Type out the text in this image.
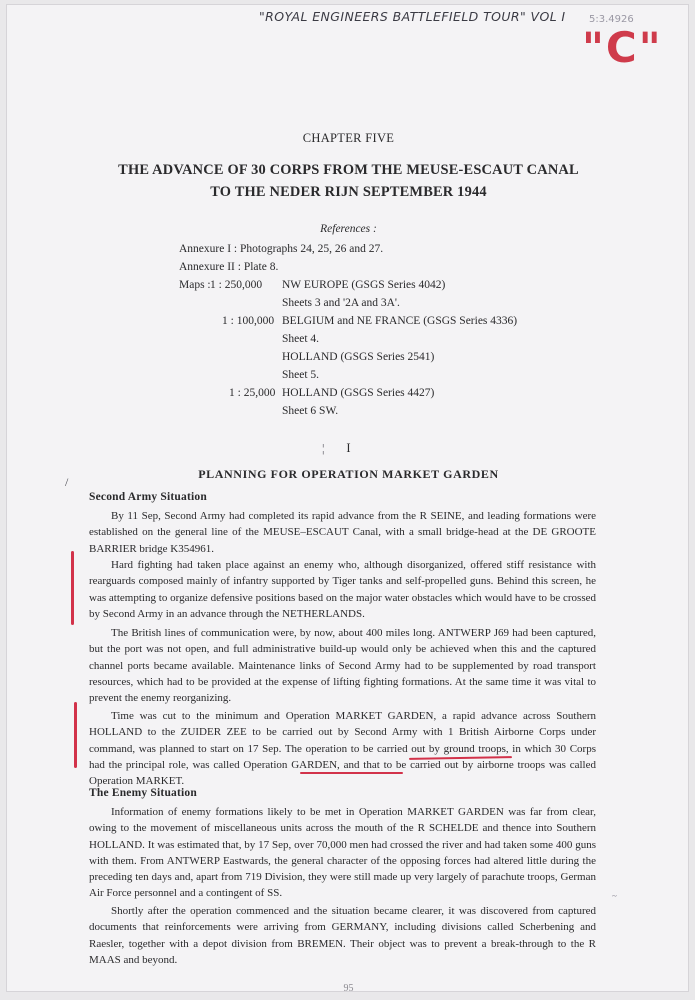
"ROYAL ENGINEERS BATTLEFIELD TOUR" VOL I 5:3.4926
"C"
CHAPTER FIVE
THE ADVANCE OF 30 CORPS FROM THE MEUSE-ESCAUT CANAL
TO THE NEDER RIJN SEPTEMBER 1944
References :
Annexure I : Photographs 24, 25, 26 and 27.
Annexure II : Plate 8.
Maps : 1 : 250,000 NW EUROPE (GSGS Series 4042)
Sheets 3 and '2A and 3A'.
1 : 100,000 BELGIUM and NE FRANCE (GSGS Series 4336)
Sheet 4.
HOLLAND (GSGS Series 2541)
Sheet 5.
1 : 25,000 HOLLAND (GSGS Series 4427)
Sheet 6 SW.
I
¦
/
PLANNING FOR OPERATION MARKET GARDEN
Second Army Situation

By 11 Sep, Second Army had completed its rapid advance from the R SEINE, and leading formations were established on the general line of the MEUSE–ESCAUT Canal, with a small bridge-head at the DE GROOTE BARRIER bridge K354961.

Hard fighting had taken place against an enemy who, although disorganized, offered stiff resistance with rearguards composed mainly of infantry supported by Tiger tanks and self-propelled guns. Behind this screen, he was attempting to organize defensive positions based on the major water obstacles which would have to be crossed by Second Army in an advance through the NETHERLANDS.

The British lines of communication were, by now, about 400 miles long. ANTWERP J69 had been captured, but the port was not open, and full administrative build-up would only be achieved when this and the captured channel ports became available. Maintenance links of Second Army had to be supplemented by road transport resources, which had to be provided at the expense of lifting fighting formations. At the same time it was vital to prevent the enemy reorganizing.

Time was cut to the minimum and Operation MARKET GARDEN, a rapid advance across Southern HOLLAND to the ZUIDER ZEE to be carried out by Second Army with 1 British Airborne Corps under command, was planned to start on 17 Sep. The operation to be carried out by ground troops, in which 30 Corps had the principal role, was called Operation GARDEN, and that to be carried out by airborne troops was called Operation MARKET.

The Enemy Situation

Information of enemy formations likely to be met in Operation MARKET GARDEN was far from clear, owing to the movement of miscellaneous units across the mouth of the R SCHELDE and thence into Southern HOLLAND. It was estimated that, by 17 Sep, over 70,000 men had crossed the river and had taken some 400 guns with them. From ANTWERP Eastwards, the general character of the opposing forces had altered little during the preceding ten days and, apart from 719 Division, they were still made up very largely of parachute troops, German Air Force personnel and a contingent of SS.

Shortly after the operation commenced and the situation became clearer, it was discovered from captured documents that reinforcements were arriving from GERMANY, including divisions called Scherbening and Raesler, together with a depot division from BREMEN. Their object was to prevent a break-through to the R MAAS and beyond.

~
95
